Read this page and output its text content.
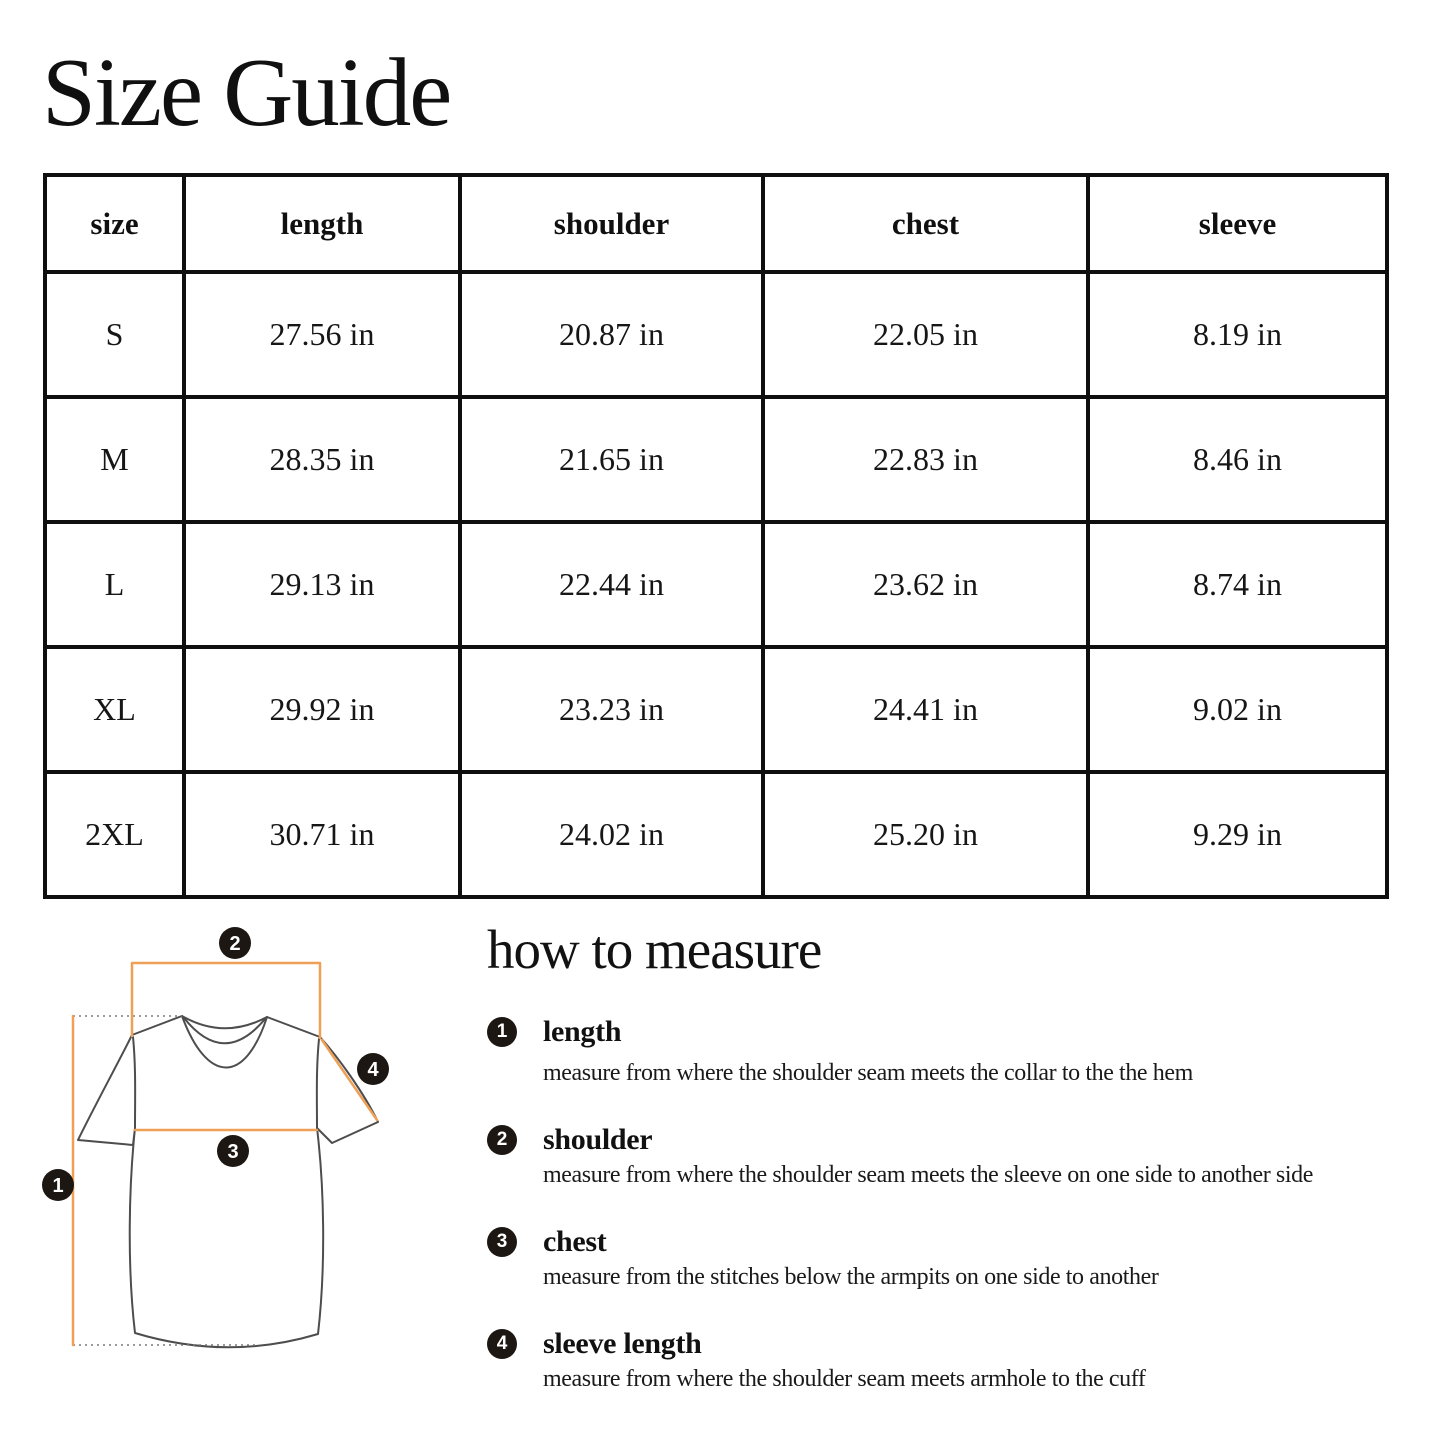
Size Guide
size	length	shoulder	chest	sleeve
S	27.56 in	20.87 in	22.05 in	8.19 in
M	28.35 in	21.65 in	22.83 in	8.46 in
L	29.13 in	22.44 in	23.62 in	8.74 in
XL	29.92 in	23.23 in	24.41 in	9.02 in
2XL	30.71 in	24.02 in	25.20 in	9.29 in
1
2
3
4
how to measure
1	length
measure from where the shoulder seam meets the collar to the the hem
2	shoulder
measure from where the shoulder seam meets the sleeve on one side to another side
3	chest
measure from the stitches below the armpits on one side to another
4	sleeve length
measure from where the shoulder seam meets armhole to the cuff
